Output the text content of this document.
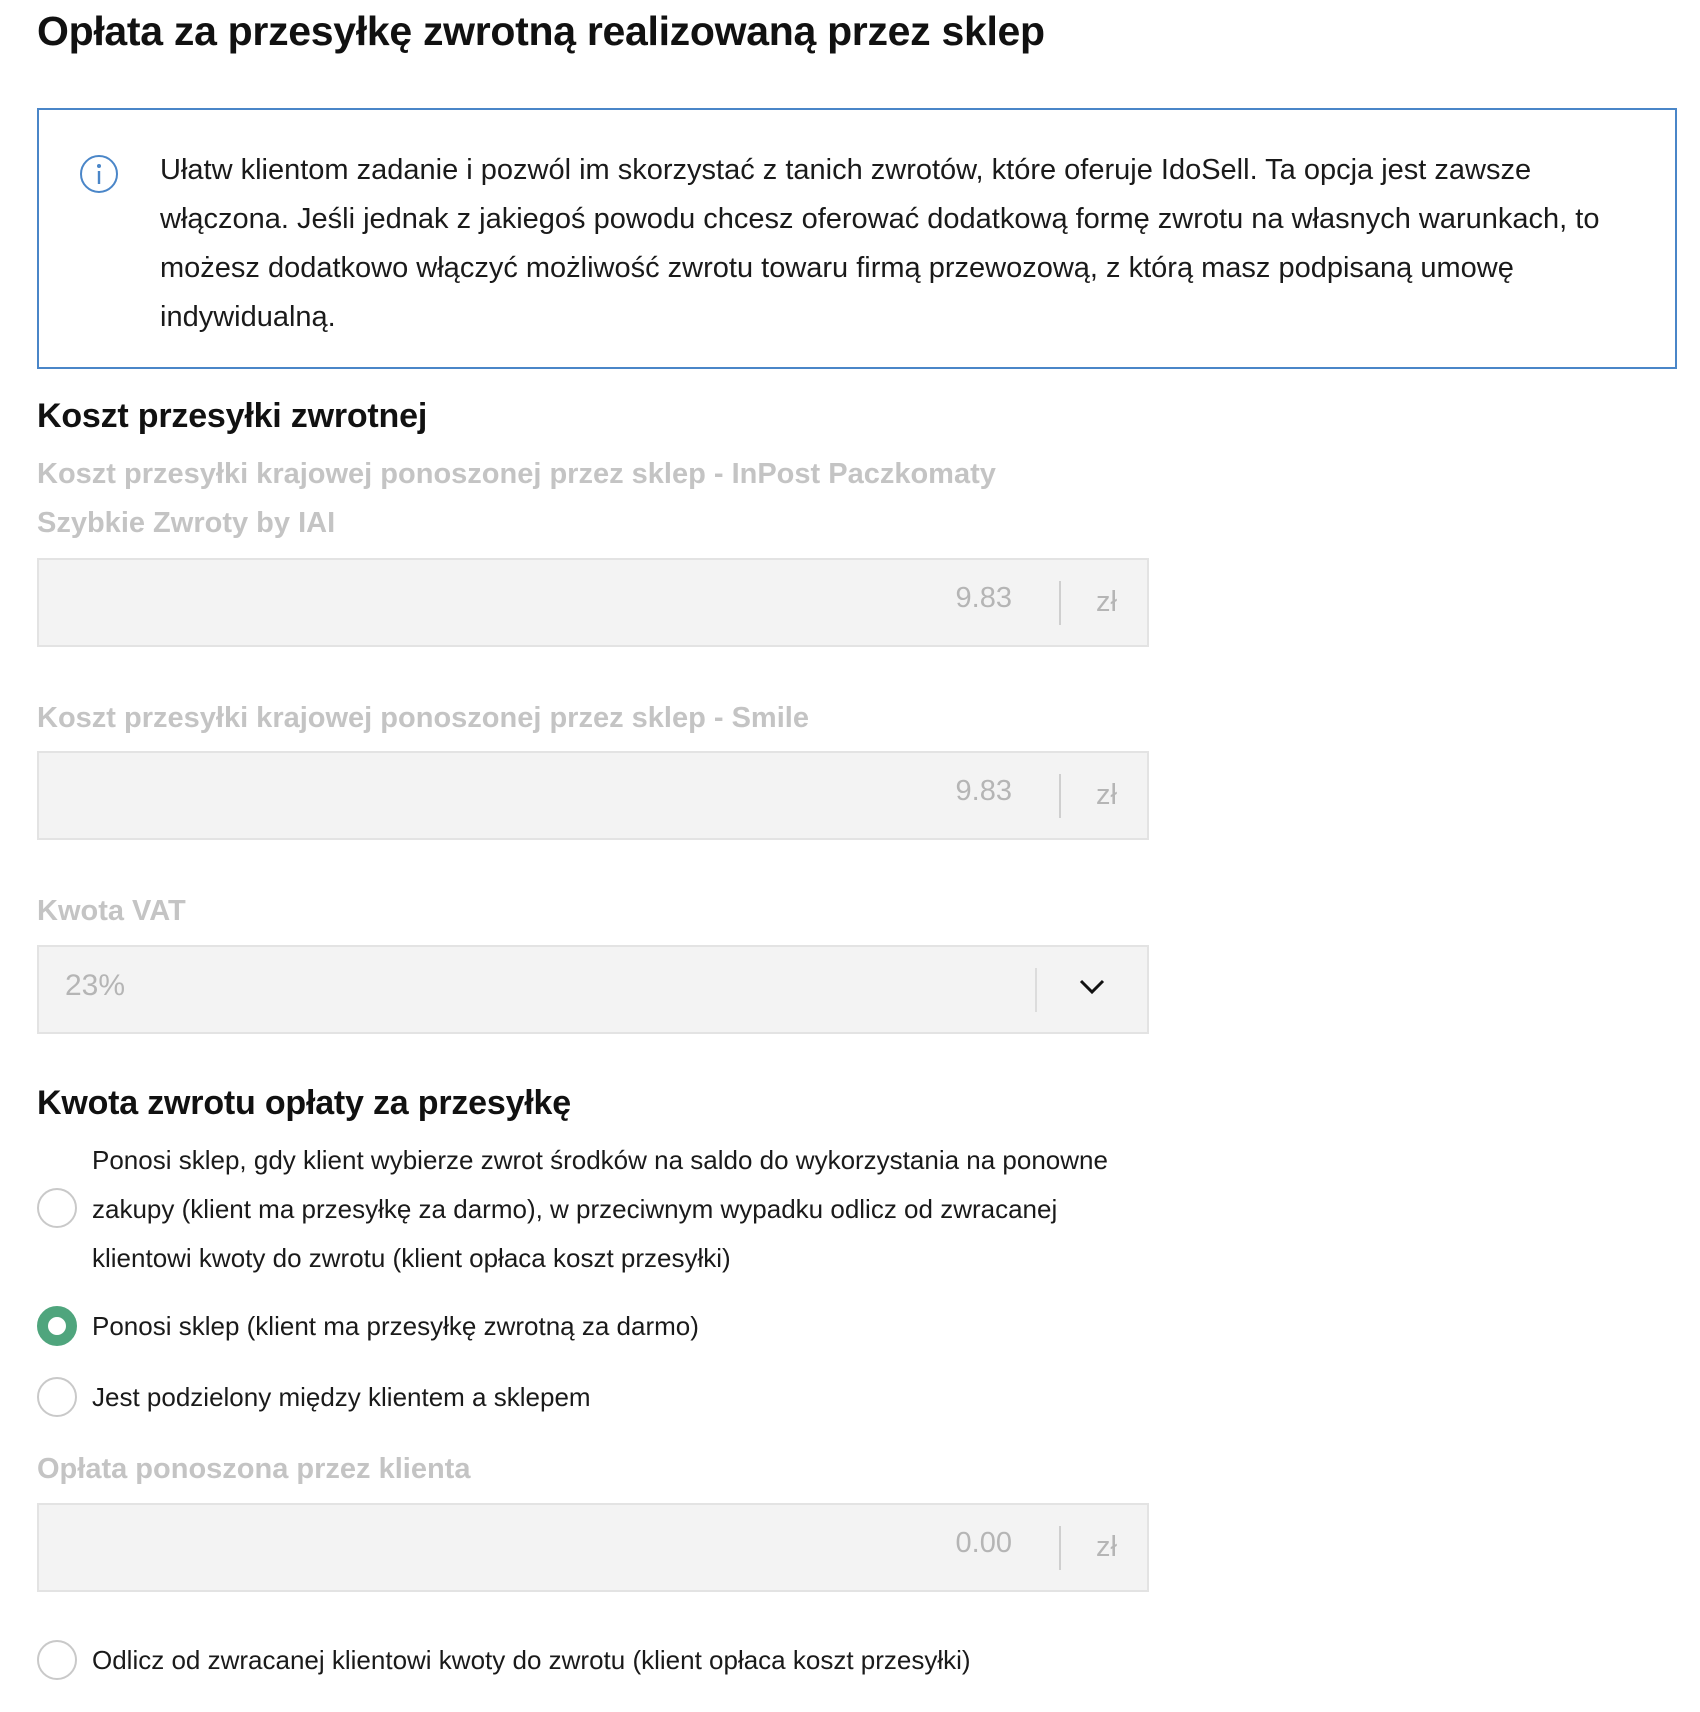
Opłata za przesyłkę zwrotną realizowaną przez sklep
Ułatw klientom zadanie i pozwól im skorzystać z tanich zwrotów, które oferuje IdoSell. Ta opcja jest zawsze włączona. Jeśli jednak z jakiegoś powodu chcesz oferować dodatkową formę zwrotu na własnych warunkach, to możesz dodatkowo włączyć możliwość zwrotu towaru firmą przewozową, z którą masz podpisaną umowę indywidualną.
Koszt przesyłki zwrotnej
Koszt przesyłki krajowej ponoszonej przez sklep - InPost Paczkomaty Szybkie Zwroty by IAI
9.83	zł
Koszt przesyłki krajowej ponoszonej przez sklep - Smile
9.83	zł
Kwota VAT
23%
Kwota zwrotu opłaty za przesyłkę
Ponosi sklep, gdy klient wybierze zwrot środków na saldo do wykorzystania na ponowne zakupy (klient ma przesyłkę za darmo), w przeciwnym wypadku odlicz od zwracanej klientowi kwoty do zwrotu (klient opłaca koszt przesyłki)
Ponosi sklep (klient ma przesyłkę zwrotną za darmo)
Jest podzielony między klientem a sklepem
Opłata ponoszona przez klienta
0.00	zł
Odlicz od zwracanej klientowi kwoty do zwrotu (klient opłaca koszt przesyłki)
